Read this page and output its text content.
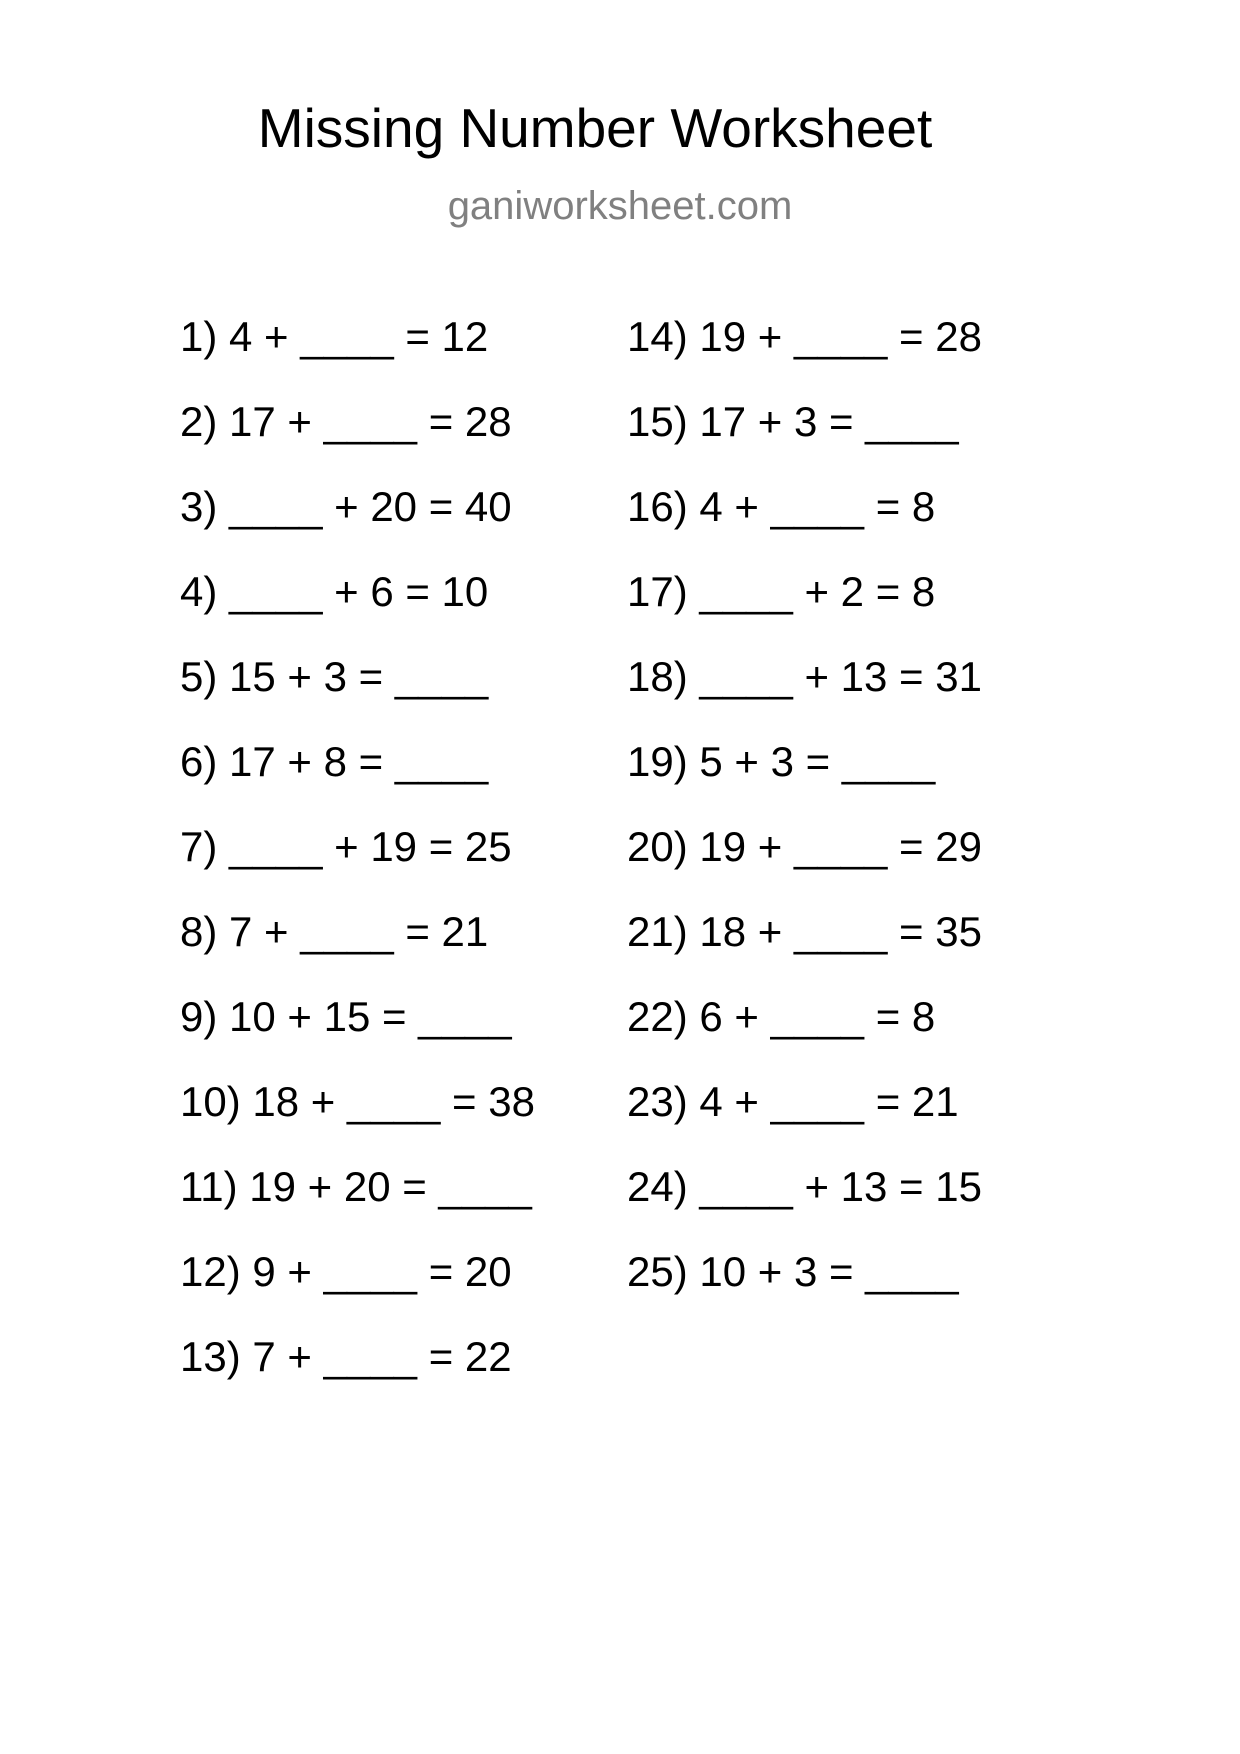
Missing Number Worksheet
ganiworksheet.com
1) 4 + ____ = 12
2) 17 + ____ = 28
3) ____ + 20 = 40
4) ____ + 6 = 10
5) 15 + 3 = ____
6) 17 + 8 = ____
7) ____ + 19 = 25
8) 7 + ____ = 21
9) 10 + 15 = ____
10) 18 + ____ = 38
11) 19 + 20 = ____
12) 9 + ____ = 20
13) 7 + ____ = 22
14) 19 + ____ = 28
15) 17 + 3 = ____
16) 4 + ____ = 8
17) ____ + 2 = 8
18) ____ + 13 = 31
19) 5 + 3 = ____
20) 19 + ____ = 29
21) 18 + ____ = 35
22) 6 + ____ = 8
23) 4 + ____ = 21
24) ____ + 13 = 15
25) 10 + 3 = ____
